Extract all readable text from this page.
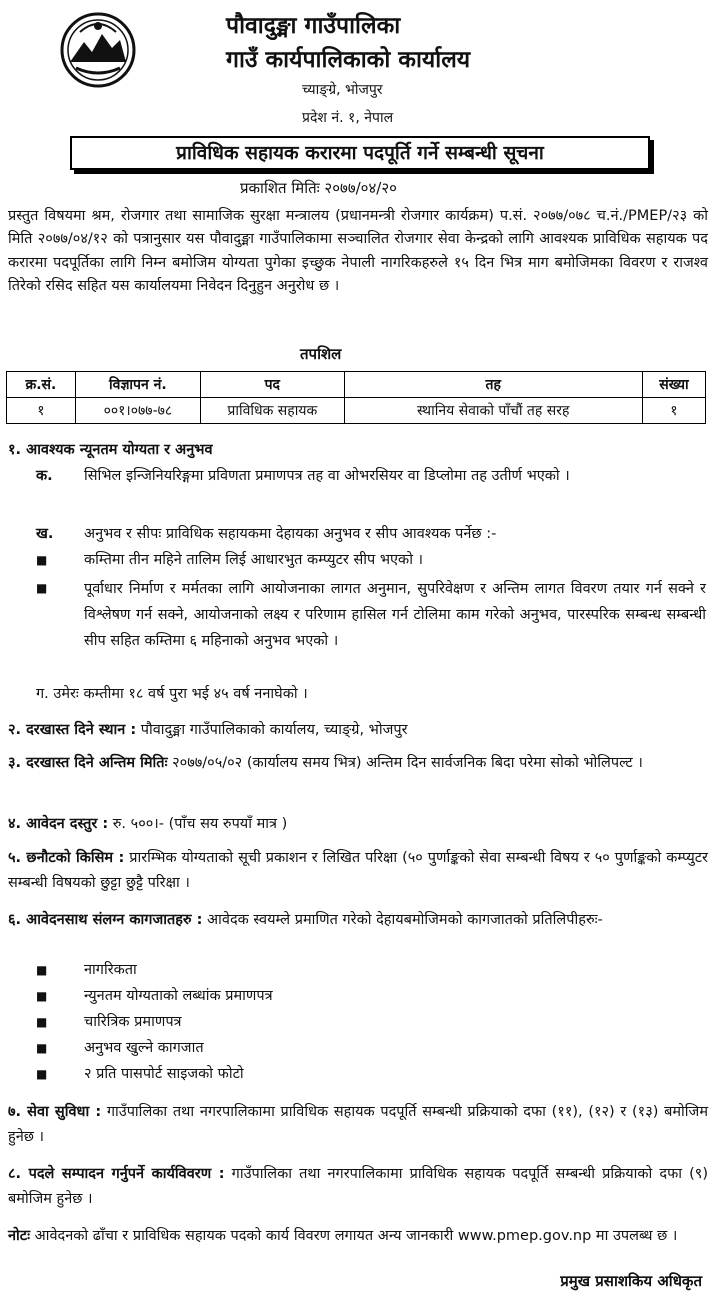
पौवादुङ्मा गाउँपालिका
गाउँ कार्यपालिकाको कार्यालय
च्याङ्ग्रे, भोजपुर
प्रदेश नं. १, नेपाल
प्राविधिक सहायक करारमा पदपूर्ति गर्ने सम्बन्धी सूचना
प्रकाशित मितिः २०७७/०४/२०
प्रस्तुत विषयमा श्रम, रोजगार तथा सामाजिक सुरक्षा मन्त्रालय (प्रधानमन्त्री रोजगार कार्यक्रम) प.सं. २०७७/०७८ च.नं./PMEP/२३ को मिति २०७७/०४/१२ को पत्रानुसार यस पौवादुङ्मा गाउँपालिकामा सञ्चालित रोजगार सेवा केन्द्रको लागि आवश्यक प्राविधिक सहायक पद करारमा पदपूर्तिका लागि निम्न बमोजिम योग्यता पुगेका इच्छुक नेपाली नागरिकहरुले १५ दिन भित्र माग बमोजिमका विवरण र राजश्व तिरेको रसिद सहित यस कार्यालयमा निवेदन दिनुहुन अनुरोध छ ।
तपशिल
क्र.सं.	विज्ञापन नं.	पद	तह	संख्या
१	००१।०७७-७८	प्राविधिक सहायक	स्थानिय सेवाको पाँचौं तह सरह	१
१. आवश्यक न्यूनतम योग्यता र अनुभव
क. सिभिल इन्जिनियरिङ्गमा प्रविणता प्रमाणपत्र तह वा ओभरसियर वा डिप्लोमा तह उतीर्ण भएको ।
ख. अनुभव र सीपः प्राविधिक सहायकमा देहायका अनुभव र सीप आवश्यक पर्नेछ :-
■	कम्तिमा तीन महिने तालिम लिई आधारभुत कम्प्युटर सीप भएको ।
■	पूर्वाधार निर्माण र मर्मतका लागि आयोजनाका लागत अनुमान, सुपरिवेक्षण र अन्तिम लागत विवरण तयार गर्न सक्ने र विश्लेषण गर्न सक्ने, आयोजनाको लक्ष्य र परिणाम हासिल गर्न टोलिमा काम गरेको अनुभव, पारस्परिक सम्बन्ध सम्बन्धी सीप सहित कम्तिमा ६ महिनाको अनुभव भएको ।
ग. उमेरः कम्तीमा १८ वर्ष पुरा भई ४५ वर्ष ननाघेको ।
२. दरखास्त दिने स्थान : पौवादुङ्मा गाउँपालिकाको कार्यालय, च्याङ्ग्रे, भोजपुर
३. दरखास्त दिने अन्तिम मितिः २०७७/०५/०२ (कार्यालय समय भित्र) अन्तिम दिन सार्वजनिक बिदा परेमा सोको भोलिपल्ट ।
४. आवेदन दस्तुर : रु. ५००।- (पाँच सय रुपयाँ मात्र )
५. छनौटको किसिम : प्रारम्भिक योग्यताको सूची प्रकाशन र लिखित परिक्षा (५० पुर्णाङ्कको सेवा सम्बन्धी विषय र ५० पुर्णाङ्कको कम्प्युटर सम्बन्धी विषयको छुट्टा छुट्टै परिक्षा ।
६. आवेदनसाथ संलग्न कागजातहरु : आवेदक स्वयम्ले प्रमाणित गरेको देहायबमोजिमको कागजातको प्रतिलिपीहरुः-
■	नागरिकता
■	न्युनतम योग्यताको लब्धांक प्रमाणपत्र
■	चारित्रिक प्रमाणपत्र
■	अनुभव खुल्ने कागजात
■	२ प्रति पासपोर्ट साइजको फोटो
७. सेवा सुविधा : गाउँपालिका तथा नगरपालिकामा प्राविधिक सहायक पदपूर्ति सम्बन्धी प्रक्रियाको दफा (११), (१२) र (१३) बमोजिम हुनेछ ।
८. पदले सम्पादन गर्नुपर्ने कार्यविवरण : गाउँपालिका तथा नगरपालिकामा प्राविधिक सहायक पदपूर्ति सम्बन्धी प्रक्रियाको दफा (९) बमोजिम हुनेछ ।
नोटः आवेदनको ढाँचा र प्राविधिक सहायक पदको कार्य विवरण लगायत अन्य जानकारी www.pmep.gov.np मा उपलब्ध छ ।
प्रमुख प्रसाशकिय अधिकृत
